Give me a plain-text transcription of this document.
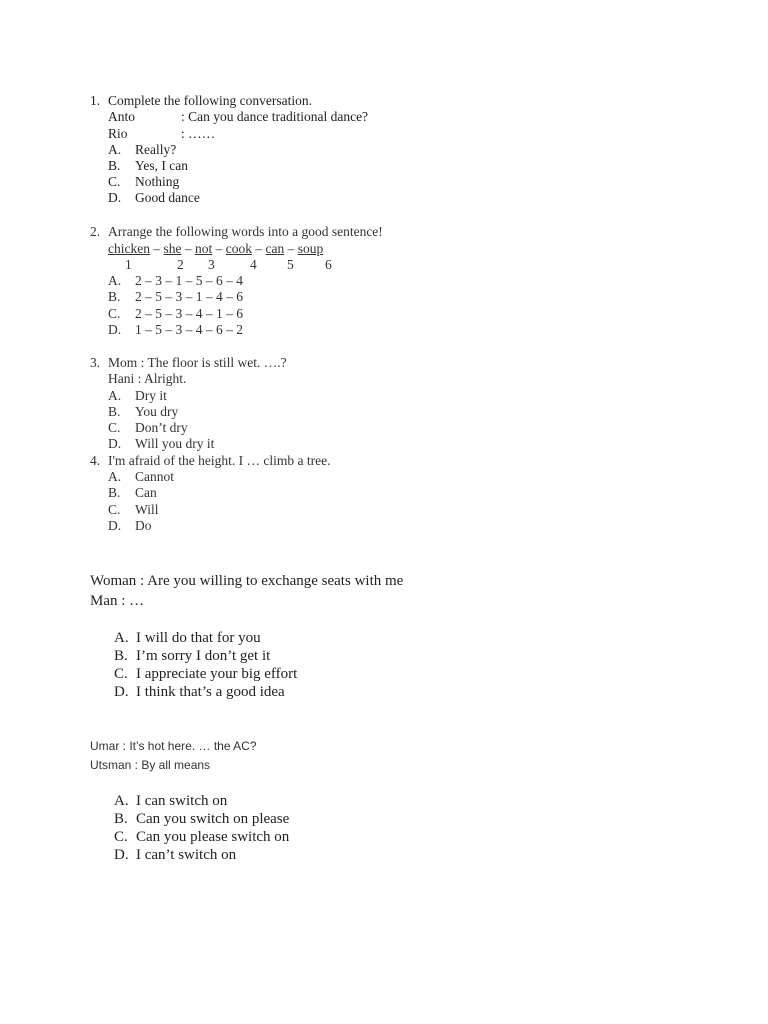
1. Complete the following conversation.
Anto	: Can you dance traditional dance?
Rio	: ……
A. Really?
B. Yes, I can
C. Nothing
D. Good dance
2. Arrange the following words into a good sentence!
chicken – she – not – cook – can – soup
1	2 3	4 5 6
A. 2 – 3 – 1 – 5 – 6 – 4
B. 2 – 5 – 3 – 1 – 4 – 6
C. 2 – 5 – 3 – 4 – 1 – 6
D. 1 – 5 – 3 – 4 – 6 – 2
3. Mom : The floor is still wet. ….?
Hani : Alright.
A. Dry it
B. You dry
C. Don’t dry
D. Will you dry it
4. I'm afraid of the height. I … climb a tree.
A. Cannot
B. Can
C. Will
D. Do
Woman : Are you willing to exchange seats with me
Man : …
A. I will do that for you
B. I’m sorry I don’t get it
C. I appreciate your big effort
D. I think that’s a good idea
Umar : It’s hot here. … the AC?
Utsman : By all means
A. I can switch on
B. Can you switch on please
C. Can you please switch on
D. I can’t switch on
